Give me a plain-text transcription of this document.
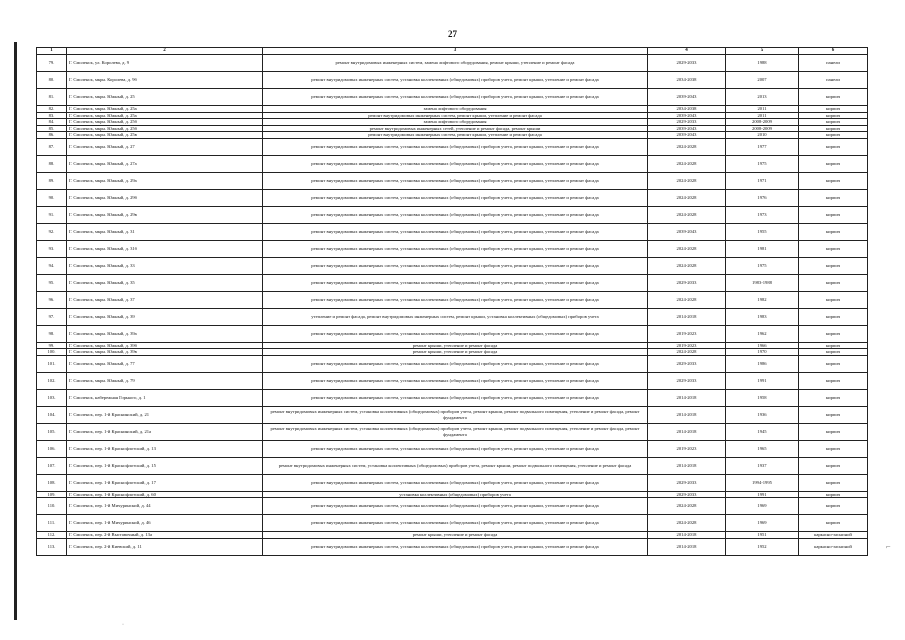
27
1	2	3	4	5	6
79.	Г. Смоленск, ул. Королева, д. 9	ремонт внутридомовых инженерных систем, замена лифтового оборудования, ремонт крыши, утепление и ремонт фасада	2029-2033	1988	панели
80.	Г. Смоленск, мкрн. Королева, д. 9б	ремонт внутридомовых инженерных систем, установка коллективных (общедомовых) приборов учета, ремонт крыши, утепление и ремонт фасада	2034-2038	2007	панели
81.	Г. Смоленск, мкрн. Южный, д. 25	ремонт внутридомовых инженерных систем, установка коллективных (общедомовых) приборов учета, ремонт крыши, утепление и ремонт фасада	2039-2043	2013	кирпич
82.	Г. Смоленск, мкрн. Южный, д. 25а	замена лифтового оборудования	2034-2038	2011	кирпич
83.	Г. Смоленск, мкрн. Южный, д. 25а	ремонт внутридомовых инженерных систем, ремонт крыши, утепление и ремонт фасада	2039-2043	2011	кирпич
84.	Г. Смоленск, мкрн. Южный, д. 25б	замена лифтового оборудования	2029-2033	2008-2009	кирпич
85.	Г. Смоленск, мкрн. Южный, д. 25б	ремонт внутридомовых инженерных сетей, утепление и ремонт фасада, ремонт крыши	2039-2043	2008-2009	кирпич
86.	Г. Смоленск, мкрн. Южный, д. 25в	ремонт внутридомовых инженерных систем, ремонт крыши, утепление и ремонт фасада	2039-2043	2010	кирпич
87.	Г. Смоленск, мкрн. Южный, д. 27	ремонт внутридомовых инженерных систем, установка коллективных (общедомовых) приборов учета, ремонт крыши, утепление и ремонт фасада	2024-2028	1977	кирпич
88.	Г. Смоленск, мкрн. Южный, д. 27а	ремонт внутридомовых инженерных систем, установка коллективных (общедомовых) приборов учета, ремонт крыши, утепление и ремонт фасада	2024-2028	1975	кирпич
89.	Г. Смоленск, мкрн. Южный, д. 29а	ремонт внутридомовых инженерных систем, установка коллективных (общедомовых) приборов учета, ремонт крыши, утепление и ремонт фасада	2024-2028	1971	кирпич
90.	Г. Смоленск, мкрн. Южный, д. 29б	ремонт внутридомовых инженерных систем, установка коллективных (общедомовых) приборов учета, ремонт крыши, утепление и ремонт фасада	2024-2028	1976	кирпич
91.	Г. Смоленск, мкрн. Южный, д. 29в	ремонт внутридомовых инженерных систем, установка коллективных (общедомовых) приборов учета, ремонт крыши, утепление и ремонт фасада	2024-2028	1973	кирпич
92.	Г. Смоленск, мкрн. Южный, д. 31	ремонт внутридомовых инженерных систем, установка коллективных (общедомовых) приборов учета, ремонт крыши, утепление и ремонт фасада	2039-2043	1955	кирпич
93.	Г. Смоленск, мкрн. Южный, д. 31б	ремонт внутридомовых инженерных систем, установка коллективных (общедомовых) приборов учета, ремонт крыши, утепление и ремонт фасада	2024-2028	1981	кирпич
94.	Г. Смоленск, мкрн. Южный, д. 33	ремонт внутридомовых инженерных систем, установка коллективных (общедомовых) приборов учета, ремонт крыши, утепление и ремонт фасада	2024-2028	1975	кирпич
95.	Г. Смоленск, мкрн. Южный, д. 35	ремонт внутридомовых инженерных систем, установка коллективных (общедомовых) приборов учета, ремонт крыши, утепление и ремонт фасада	2029-2033	1983-1988	кирпич
96.	Г. Смоленск, мкрн. Южный, д. 37	ремонт внутридомовых инженерных систем, установка коллективных (общедомовых) приборов учета, ремонт крыши, утепление и ремонт фасада	2024-2028	1982	кирпич
97.	Г. Смоленск, мкрн. Южный, д. 39	утепление и ремонт фасада, ремонт внутридомовых инженерных систем, ремонт крыши, установка коллективных (общедомовых) приборов учета	2014-2018	1983	кирпич
98.	Г. Смоленск, мкрн. Южный, д. 39а	ремонт внутридомовых инженерных систем, установка коллективных (общедомовых) приборов учета, ремонт крыши, утепление и ремонт фасада	2019-2023	1962	кирпич
99.	Г. Смоленск, мкрн. Южный, д. 39б	ремонт крыши, утепление и ремонт фасада	2019-2023	1966	кирпич
100.	Г. Смоленск, мкрн. Южный, д. 39в	ремонт крыши, утепление и ремонт фасада	2024-2028	1970	кирпич
101.	Г. Смоленск, мкрн. Южный, д. 77	ремонт внутридомовых инженерных систем, установка коллективных (общедомовых) приборов учета, ремонт крыши, утепление и ремонт фасада	2029-2033	1986	кирпич
102.	Г. Смоленск, мкрн. Южный, д. 79	ремонт внутридомовых инженерных систем, установка коллективных (общедомовых) приборов учета, ремонт крыши, утепление и ремонт фасада	2029-2033	1991	кирпич
103.	Г. Смоленск, набережная Горького, д. 1	ремонт внутридомовых инженерных систем, установка коллективных (общедомовых) приборов учета, ремонт крыши, утепление и ремонт фасада	2014-2018	1958	кирпич
104.	Г. Смоленск, пер. 1-й Краснинский, д. 21	ремонт внутридомовых инженерных систем, установка коллективных (общедомовых) приборов учета, ремонт крыши, ремонт подвального помещения, утепление и ремонт фасада, ремонт фундамента	2014-2018	1936	кирпич
105.	Г. Смоленск, пер. 1-й Краснинский, д. 21а	ремонт внутридомовых инженерных систем, установка коллективных (общедомовых) приборов учета, ремонт крыши, ремонт подвального помещения, утепление и ремонт фасада, ремонт фундамента	2014-2018	1945	кирпич
106.	Г. Смоленск, пер. 1-й Краснофлотский, д. 13	ремонт внутридомовых инженерных систем, установка коллективных (общедомовых) приборов учета, ремонт крыши, утепление и ремонт фасада	2019-2023	1965	кирпич
107.	Г. Смоленск, пер. 1-й Краснофлотский, д. 15	ремонт внутридомовых инженерных систем, установка коллективных (общедомовых) приборов учета, ремонт крыши, ремонт подвального помещения, утепление и ремонт фасада	2014-2018	1937	кирпич
108.	Г. Смоленск, пер. 1-й Краснофлотский, д. 17	ремонт внутридомовых инженерных систем, установка коллективных (общедомовых) приборов учета, ремонт крыши, утепление и ремонт фасада	2029-2033	1994-1995	кирпич
109.	Г. Смоленск, пер. 1-й Краснофлотский, д. 60	установка коллективных (общедомовых) приборов учета	2029-2033	1991	кирпич
110.	Г. Смоленск, пер. 1-й Мичуринский, д. 44	ремонт внутридомовых инженерных систем, установка коллективных (общедомовых) приборов учета, ремонт крыши, утепление и ремонт фасада	2024-2028	1969	кирпич
111.	Г. Смоленск, пер. 1-й Мичуринский, д. 46	ремонт внутридомовых инженерных систем, установка коллективных (общедомовых) приборов учета, ремонт крыши, утепление и ремонт фасада	2024-2028	1969	кирпич
112.	Г. Смоленск, пер. 2-й Выставочный, д. 13а	ремонт крыши, утепление и ремонт фасада	2014-2018	1951	каркасно-засыпной
113.	Г. Смоленск, пер. 2-й Киевский, д. 11	ремонт внутридомовых инженерных систем, установка коллективных (общедомовых) приборов учета, ремонт крыши, утепление и ремонт фасада	2014-2018	1952	каркасно-засыпной	⌐
·
